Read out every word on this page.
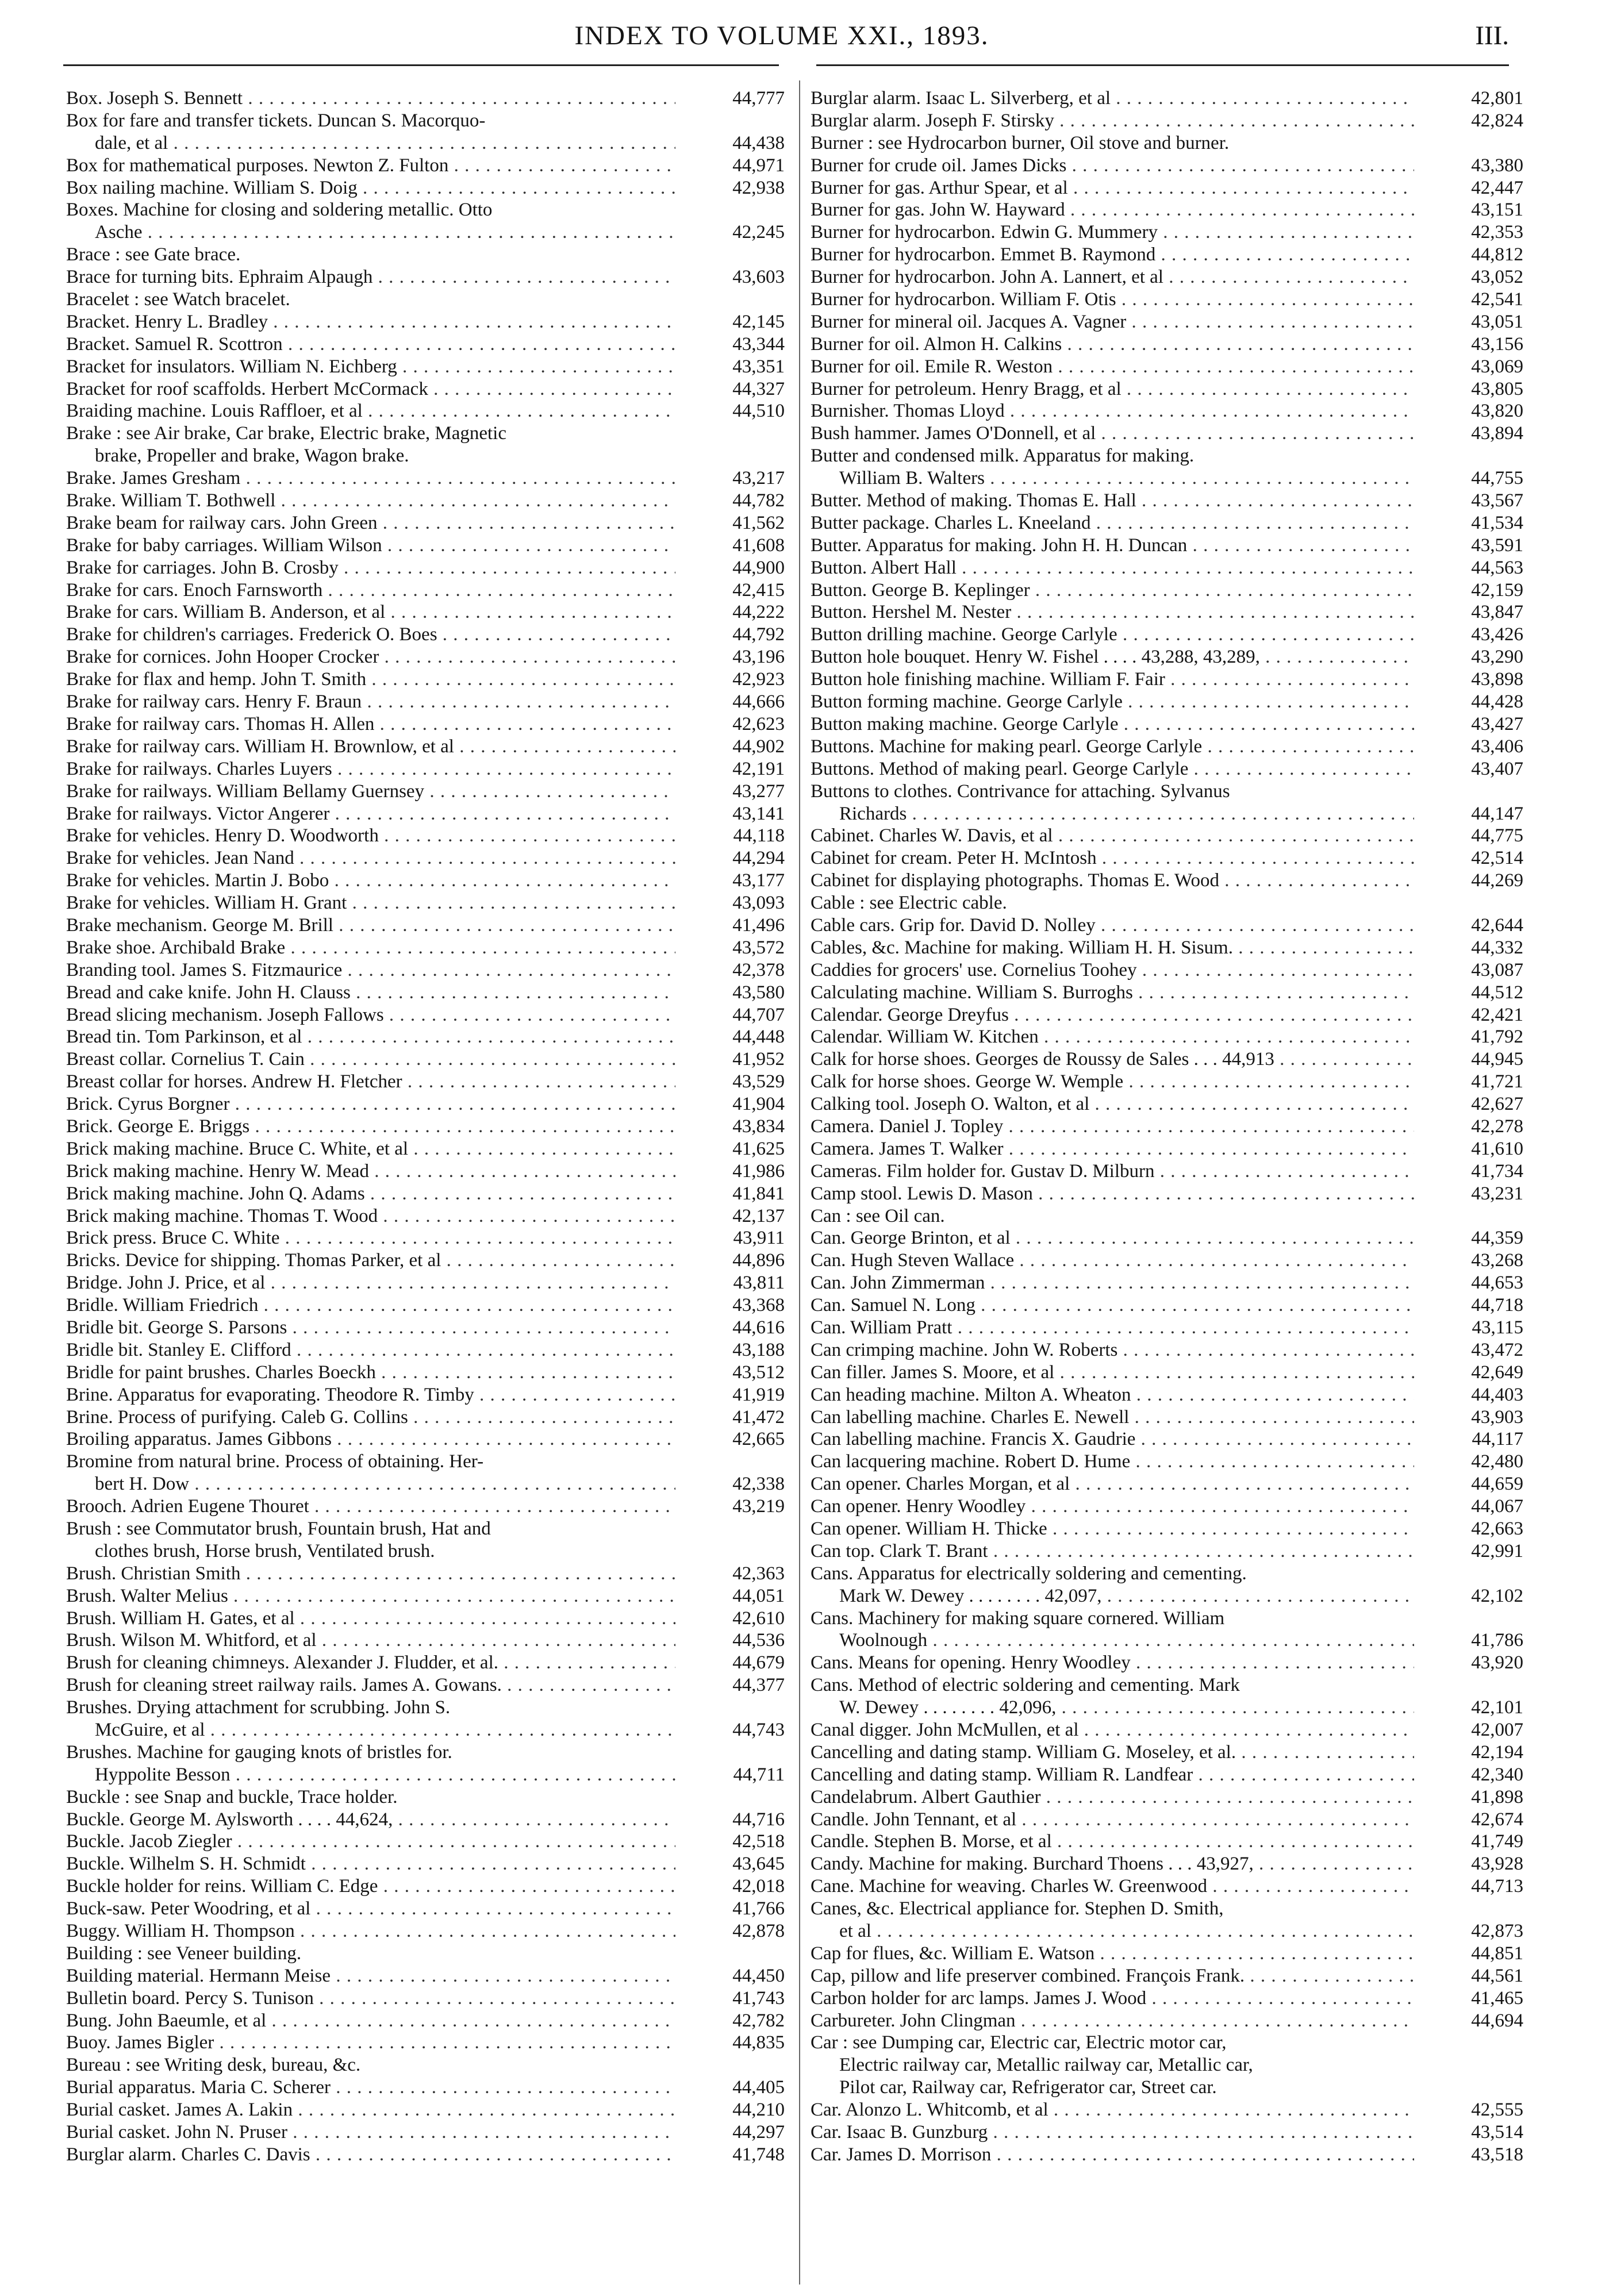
INDEX TO VOLUME XXI., 1893.	III.
Box. Joseph S. Bennett . . .	44,777
Box for fare and transfer tickets. Duncan S. Macorquo-
dale, et al . . .	44,438
Box for mathematical purposes. Newton Z. Fulton . . .	44,971
Box nailing machine. William S. Doig . . .	42,938
Boxes. Machine for closing and soldering metallic. Otto
Asche . . .	42,245
Brace : see Gate brace.
Brace for turning bits. Ephraim Alpaugh . . .	43,603
Bracelet : see Watch bracelet.
Bracket. Henry L. Bradley . . .	42,145
Bracket. Samuel R. Scottron . . .	43,344
Bracket for insulators. William N. Eichberg . . .	43,351
Bracket for roof scaffolds. Herbert McCormack . . .	44,327
Braiding machine. Louis Raffloer, et al . . .	44,510
Brake : see Air brake, Car brake, Electric brake, Magnetic
brake, Propeller and brake, Wagon brake.
Brake. James Gresham . . .	43,217
Brake. William T. Bothwell . . .	44,782
Brake beam for railway cars. John Green . . .	41,562
Brake for baby carriages. William Wilson . . .	41,608
Brake for carriages. John B. Crosby . . .	44,900
Brake for cars. Enoch Farnsworth . . .	42,415
Brake for cars. William B. Anderson, et al . . .	44,222
Brake for children's carriages. Frederick O. Boes . . .	44,792
Brake for cornices. John Hooper Crocker . . .	43,196
Brake for flax and hemp. John T. Smith . . .	42,923
Brake for railway cars. Henry F. Braun . . .	44,666
Brake for railway cars. Thomas H. Allen . . .	42,623
Brake for railway cars. William H. Brownlow, et al . . .	44,902
Brake for railways. Charles Luyers . . .	42,191
Brake for railways. William Bellamy Guernsey . . .	43,277
Brake for railways. Victor Angerer . . .	43,141
Brake for vehicles. Henry D. Woodworth . . .	44,118
Brake for vehicles. Jean Nand . . .	44,294
Brake for vehicles. Martin J. Bobo . . .	43,177
Brake for vehicles. William H. Grant . . .	43,093
Brake mechanism. George M. Brill . . .	41,496
Brake shoe. Archibald Brake . . .	43,572
Branding tool. James S. Fitzmaurice . . .	42,378
Bread and cake knife. John H. Clauss . . .	43,580
Bread slicing mechanism. Joseph Fallows . . .	44,707
Bread tin. Tom Parkinson, et al . . .	44,448
Breast collar. Cornelius T. Cain . . .	41,952
Breast collar for horses. Andrew H. Fletcher . . .	43,529
Brick. Cyrus Borgner . . .	41,904
Brick. George E. Briggs . . .	43,834
Brick making machine. Bruce C. White, et al . . .	41,625
Brick making machine. Henry W. Mead . . .	41,986
Brick making machine. John Q. Adams . . .	41,841
Brick making machine. Thomas T. Wood . . .	42,137
Brick press. Bruce C. White . . .	43,911
Bricks. Device for shipping. Thomas Parker, et al . . .	44,896
Bridge. John J. Price, et al . . .	43,811
Bridle. William Friedrich . . .	43,368
Bridle bit. George S. Parsons . . .	44,616
Bridle bit. Stanley E. Clifford . . .	43,188
Bridle for paint brushes. Charles Boeckh . . .	43,512
Brine. Apparatus for evaporating. Theodore R. Timby . . .	41,919
Brine. Process of purifying. Caleb G. Collins . . .	41,472
Broiling apparatus. James Gibbons . . .	42,665
Bromine from natural brine. Process of obtaining. Her-
bert H. Dow . . .	42,338
Brooch. Adrien Eugene Thouret . . .	43,219
Brush : see Commutator brush, Fountain brush, Hat and
clothes brush, Horse brush, Ventilated brush.
Brush. Christian Smith . . .	42,363
Brush. Walter Melius . . .	44,051
Brush. William H. Gates, et al . . .	42,610
Brush. Wilson M. Whitford, et al . . .	44,536
Brush for cleaning chimneys. Alexander J. Fludder, et al. . . .	44,679
Brush for cleaning street railway rails. James A. Gowans. . . .	44,377
Brushes. Drying attachment for scrubbing. John S.
McGuire, et al . . .	44,743
Brushes. Machine for gauging knots of bristles for.
Hyppolite Besson . . .	44,711
Buckle : see Snap and buckle, Trace holder.
Buckle. George M. Aylsworth . . . . 44,624, . . .	44,716
Buckle. Jacob Ziegler . . .	42,518
Buckle. Wilhelm S. H. Schmidt . . .	43,645
Buckle holder for reins. William C. Edge . . .	42,018
Buck-saw. Peter Woodring, et al . . .	41,766
Buggy. William H. Thompson . . .	42,878
Building : see Veneer building.
Building material. Hermann Meise . . .	44,450
Bulletin board. Percy S. Tunison . . .	41,743
Bung. John Baeumle, et al . . .	42,782
Buoy. James Bigler . . .	44,835
Bureau : see Writing desk, bureau, &c.
Burial apparatus. Maria C. Scherer . . .	44,405
Burial casket. James A. Lakin . . .	44,210
Burial casket. John N. Pruser . . .	44,297
Burglar alarm. Charles C. Davis . . .	41,748
Burglar alarm. Isaac L. Silverberg, et al . . .	42,801
Burglar alarm. Joseph F. Stirsky . . .	42,824
Burner : see Hydrocarbon burner, Oil stove and burner.
Burner for crude oil. James Dicks . . .	43,380
Burner for gas. Arthur Spear, et al . . .	42,447
Burner for gas. John W. Hayward . . .	43,151
Burner for hydrocarbon. Edwin G. Mummery . . .	42,353
Burner for hydrocarbon. Emmet B. Raymond . . .	44,812
Burner for hydrocarbon. John A. Lannert, et al . . .	43,052
Burner for hydrocarbon. William F. Otis . . .	42,541
Burner for mineral oil. Jacques A. Vagner . . .	43,051
Burner for oil. Almon H. Calkins . . .	43,156
Burner for oil. Emile R. Weston . . .	43,069
Burner for petroleum. Henry Bragg, et al . . .	43,805
Burnisher. Thomas Lloyd . . .	43,820
Bush hammer. James O'Donnell, et al . . .	43,894
Butter and condensed milk. Apparatus for making.
William B. Walters . . .	44,755
Butter. Method of making. Thomas E. Hall . . .	43,567
Butter package. Charles L. Kneeland . . .	41,534
Butter. Apparatus for making. John H. H. Duncan . . .	43,591
Button. Albert Hall . . .	44,563
Button. George B. Keplinger . . .	42,159
Button. Hershel M. Nester . . .	43,847
Button drilling machine. George Carlyle . . .	43,426
Button hole bouquet. Henry W. Fishel . . . . 43,288, 43,289, . . .	43,290
Button hole finishing machine. William F. Fair . . .	43,898
Button forming machine. George Carlyle . . .	44,428
Button making machine. George Carlyle . . .	43,427
Buttons. Machine for making pearl. George Carlyle . . .	43,406
Buttons. Method of making pearl. George Carlyle . . .	43,407
Buttons to clothes. Contrivance for attaching. Sylvanus
Richards . . .	44,147
Cabinet. Charles W. Davis, et al . . .	44,775
Cabinet for cream. Peter H. McIntosh . . .	42,514
Cabinet for displaying photographs. Thomas E. Wood . . .	44,269
Cable : see Electric cable.
Cable cars. Grip for. David D. Nolley . . .	42,644
Cables, &c. Machine for making. William H. H. Sisum. . . .	44,332
Caddies for grocers' use. Cornelius Toohey . . .	43,087
Calculating machine. William S. Burroghs . . .	44,512
Calendar. George Dreyfus . . .	42,421
Calendar. William W. Kitchen . . .	41,792
Calk for horse shoes. Georges de Roussy de Sales . . . 44,913 . . .	44,945
Calk for horse shoes. George W. Wemple . . .	41,721
Calking tool. Joseph O. Walton, et al . . .	42,627
Camera. Daniel J. Topley . . .	42,278
Camera. James T. Walker . . .	41,610
Cameras. Film holder for. Gustav D. Milburn . . .	41,734
Camp stool. Lewis D. Mason . . .	43,231
Can : see Oil can.
Can. George Brinton, et al . . .	44,359
Can. Hugh Steven Wallace . . .	43,268
Can. John Zimmerman . . .	44,653
Can. Samuel N. Long . . .	44,718
Can. William Pratt . . .	43,115
Can crimping machine. John W. Roberts . . .	43,472
Can filler. James S. Moore, et al . . .	42,649
Can heading machine. Milton A. Wheaton . . .	44,403
Can labelling machine. Charles E. Newell . . .	43,903
Can labelling machine. Francis X. Gaudrie . . .	44,117
Can lacquering machine. Robert D. Hume . . .	42,480
Can opener. Charles Morgan, et al . . .	44,659
Can opener. Henry Woodley . . .	44,067
Can opener. William H. Thicke . . .	42,663
Can top. Clark T. Brant . . .	42,991
Cans. Apparatus for electrically soldering and cementing.
Mark W. Dewey . . . . . . . . 42,097, . . .	42,102
Cans. Machinery for making square cornered. William
Woolnough . . .	41,786
Cans. Means for opening. Henry Woodley . . .	43,920
Cans. Method of electric soldering and cementing. Mark
W. Dewey . . . . . . . . 42,096, . . .	42,101
Canal digger. John McMullen, et al . . .	42,007
Cancelling and dating stamp. William G. Moseley, et al. . . .	42,194
Cancelling and dating stamp. William R. Landfear . . .	42,340
Candelabrum. Albert Gauthier . . .	41,898
Candle. John Tennant, et al . . .	42,674
Candle. Stephen B. Morse, et al . . .	41,749
Candy. Machine for making. Burchard Thoens . . . 43,927, . . .	43,928
Cane. Machine for weaving. Charles W. Greenwood . . .	44,713
Canes, &c. Electrical appliance for. Stephen D. Smith,
et al . . .	42,873
Cap for flues, &c. William E. Watson . . .	44,851
Cap, pillow and life preserver combined. François Frank. . . .	44,561
Carbon holder for arc lamps. James J. Wood . . .	41,465
Carbureter. John Clingman . . .	44,694
Car : see Dumping car, Electric car, Electric motor car,
Electric railway car, Metallic railway car, Metallic car,
Pilot car, Railway car, Refrigerator car, Street car.
Car. Alonzo L. Whitcomb, et al . . .	42,555
Car. Isaac B. Gunzburg . . .	43,514
Car. James D. Morrison . . .	43,518
